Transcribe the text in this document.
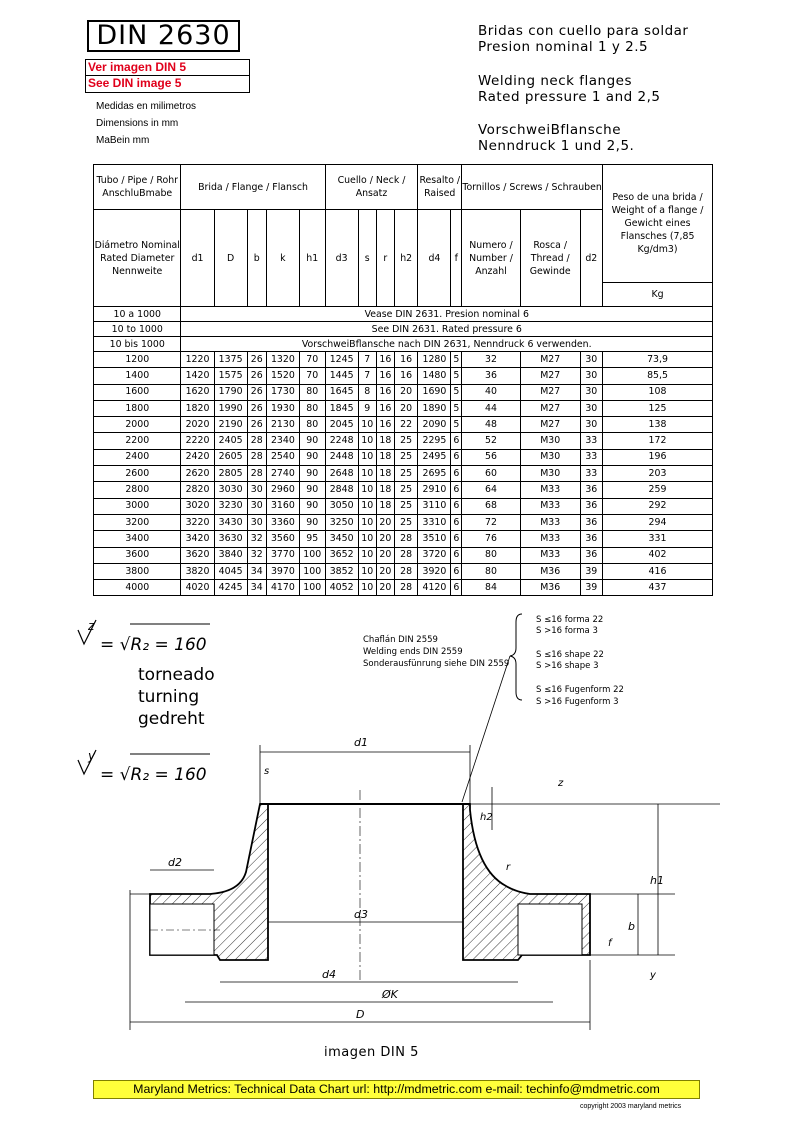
DIN 2630
Ver imagen DIN 5
See DIN image 5
Medidas en milimetros
Dimensions in mm
MaBein mm
Bridas con cuello para soldar
Presion nominal 1 y 2.5
Welding neck flanges
Rated pressure 1 and 2,5
VorschweiBflansche
Nenndruck 1 und 2,5.
Tubo / Pipe / Rohr AnschluBmabe	Brida / Flange / Flansch					Cuello / Neck / Ansatz				Resalto / Raised		Tornillos / Screws / Schrauben			Peso de una brida / Weight of a flange / Gewicht eines Flansches (7,85 Kg/dm3)
Diámetro Nominal Rated Diameter Nennweite	d1	D	b	k	h1	d3	s	r	h2	d4	f	Numero / Number / Anzahl	Rosca / Thread / Gewinde	d2	
															Kg
10 a 1000	Vease DIN 2631. Presion nominal 6														
10 to 1000	See DIN 2631. Rated pressure 6														
10 bis 1000	VorschweiBflansche nach DIN 2631, Nenndruck 6 verwenden.														
1200	1220	1375	26	1320	70	1245	7	16	16	1280	5	32	M27	30	73,9
1400	1420	1575	26	1520	70	1445	7	16	16	1480	5	36	M27	30	85,5
1600	1620	1790	26	1730	80	1645	8	16	20	1690	5	40	M27	30	108
1800	1820	1990	26	1930	80	1845	9	16	20	1890	5	44	M27	30	125
2000	2020	2190	26	2130	80	2045	10	16	22	2090	5	48	M27	30	138
2200	2220	2405	28	2340	90	2248	10	18	25	2295	6	52	M30	33	172
2400	2420	2605	28	2540	90	2448	10	18	25	2495	6	56	M30	33	196
2600	2620	2805	28	2740	90	2648	10	18	25	2695	6	60	M30	33	203
2800	2820	3030	30	2960	90	2848	10	18	25	2910	6	64	M33	36	259
3000	3020	3230	30	3160	90	3050	10	18	25	3110	6	68	M33	36	292
3200	3220	3430	30	3360	90	3250	10	20	25	3310	6	72	M33	36	294
3400	3420	3630	32	3560	95	3450	10	20	28	3510	6	76	M33	36	331
3600	3620	3840	32	3770	100	3652	10	20	28	3720	6	80	M33	36	402
3800	3820	4045	34	3970	100	3852	10	20	28	3920	6	80	M36	39	416
4000	4020	4245	34	4170	100	4052	10	20	28	4120	6	84	M36	39	437
z
= √R₂ = 160
torneado
turning
gedreht
y
= √R₂ = 160
Chaflán DIN 2559
Welding ends DIN 2559
Sonderausfünrung siehe DIN 2559
S ≤16 forma 22
S >16 forma 3
S ≤16 shape 22
S >16 shape 3
S ≤16 Fugenform 22
S >16 Fugenform 3
d1
d2
d3
d4
ØK
D
s
r
h1
h2
b
f
z
y
imagen DIN 5
Maryland Metrics: Technical Data Chart url: http://mdmetric.com e-mail: techinfo@mdmetric.com
copyright 2003 maryland metrics
